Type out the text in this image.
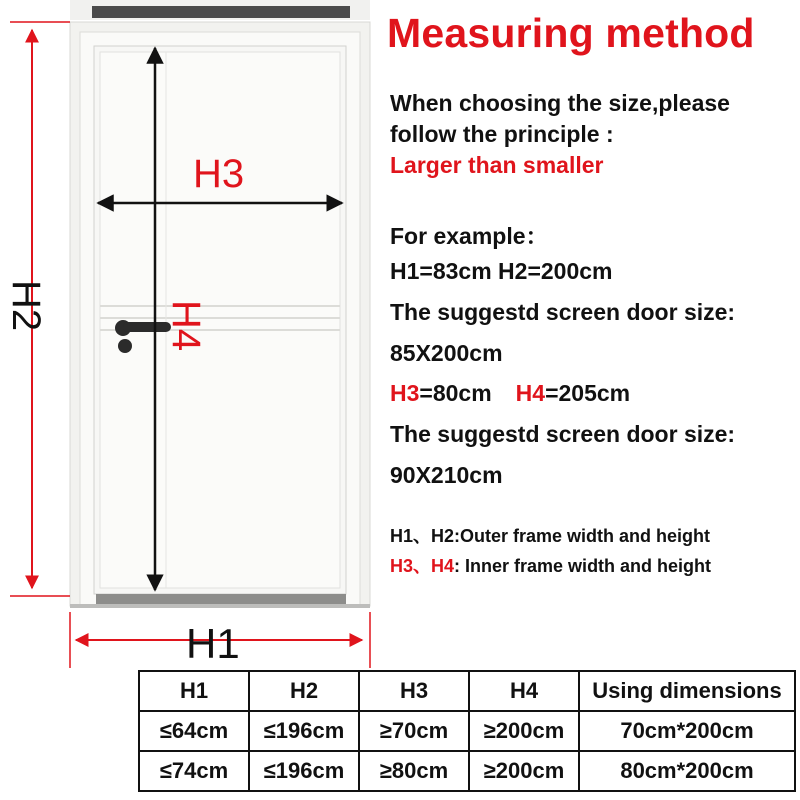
H3
H4
H2
H1
Measuring method
When choosing the size,please
follow the principle :
Larger than smaller
For example：
H1=83cm H2=200cm
The suggestd screen door size:
85X200cm
H3=80cm H4=205cm
The suggestd screen door size:
90X210cm
H1、H2:Outer frame width and height
H3、H4: Inner frame width and height
H1	H2	H3	H4	Using dimensions
≤64cm	≤196cm	≥70cm	≥200cm	70cm*200cm
≤74cm	≤196cm	≥80cm	≥200cm	80cm*200cm
